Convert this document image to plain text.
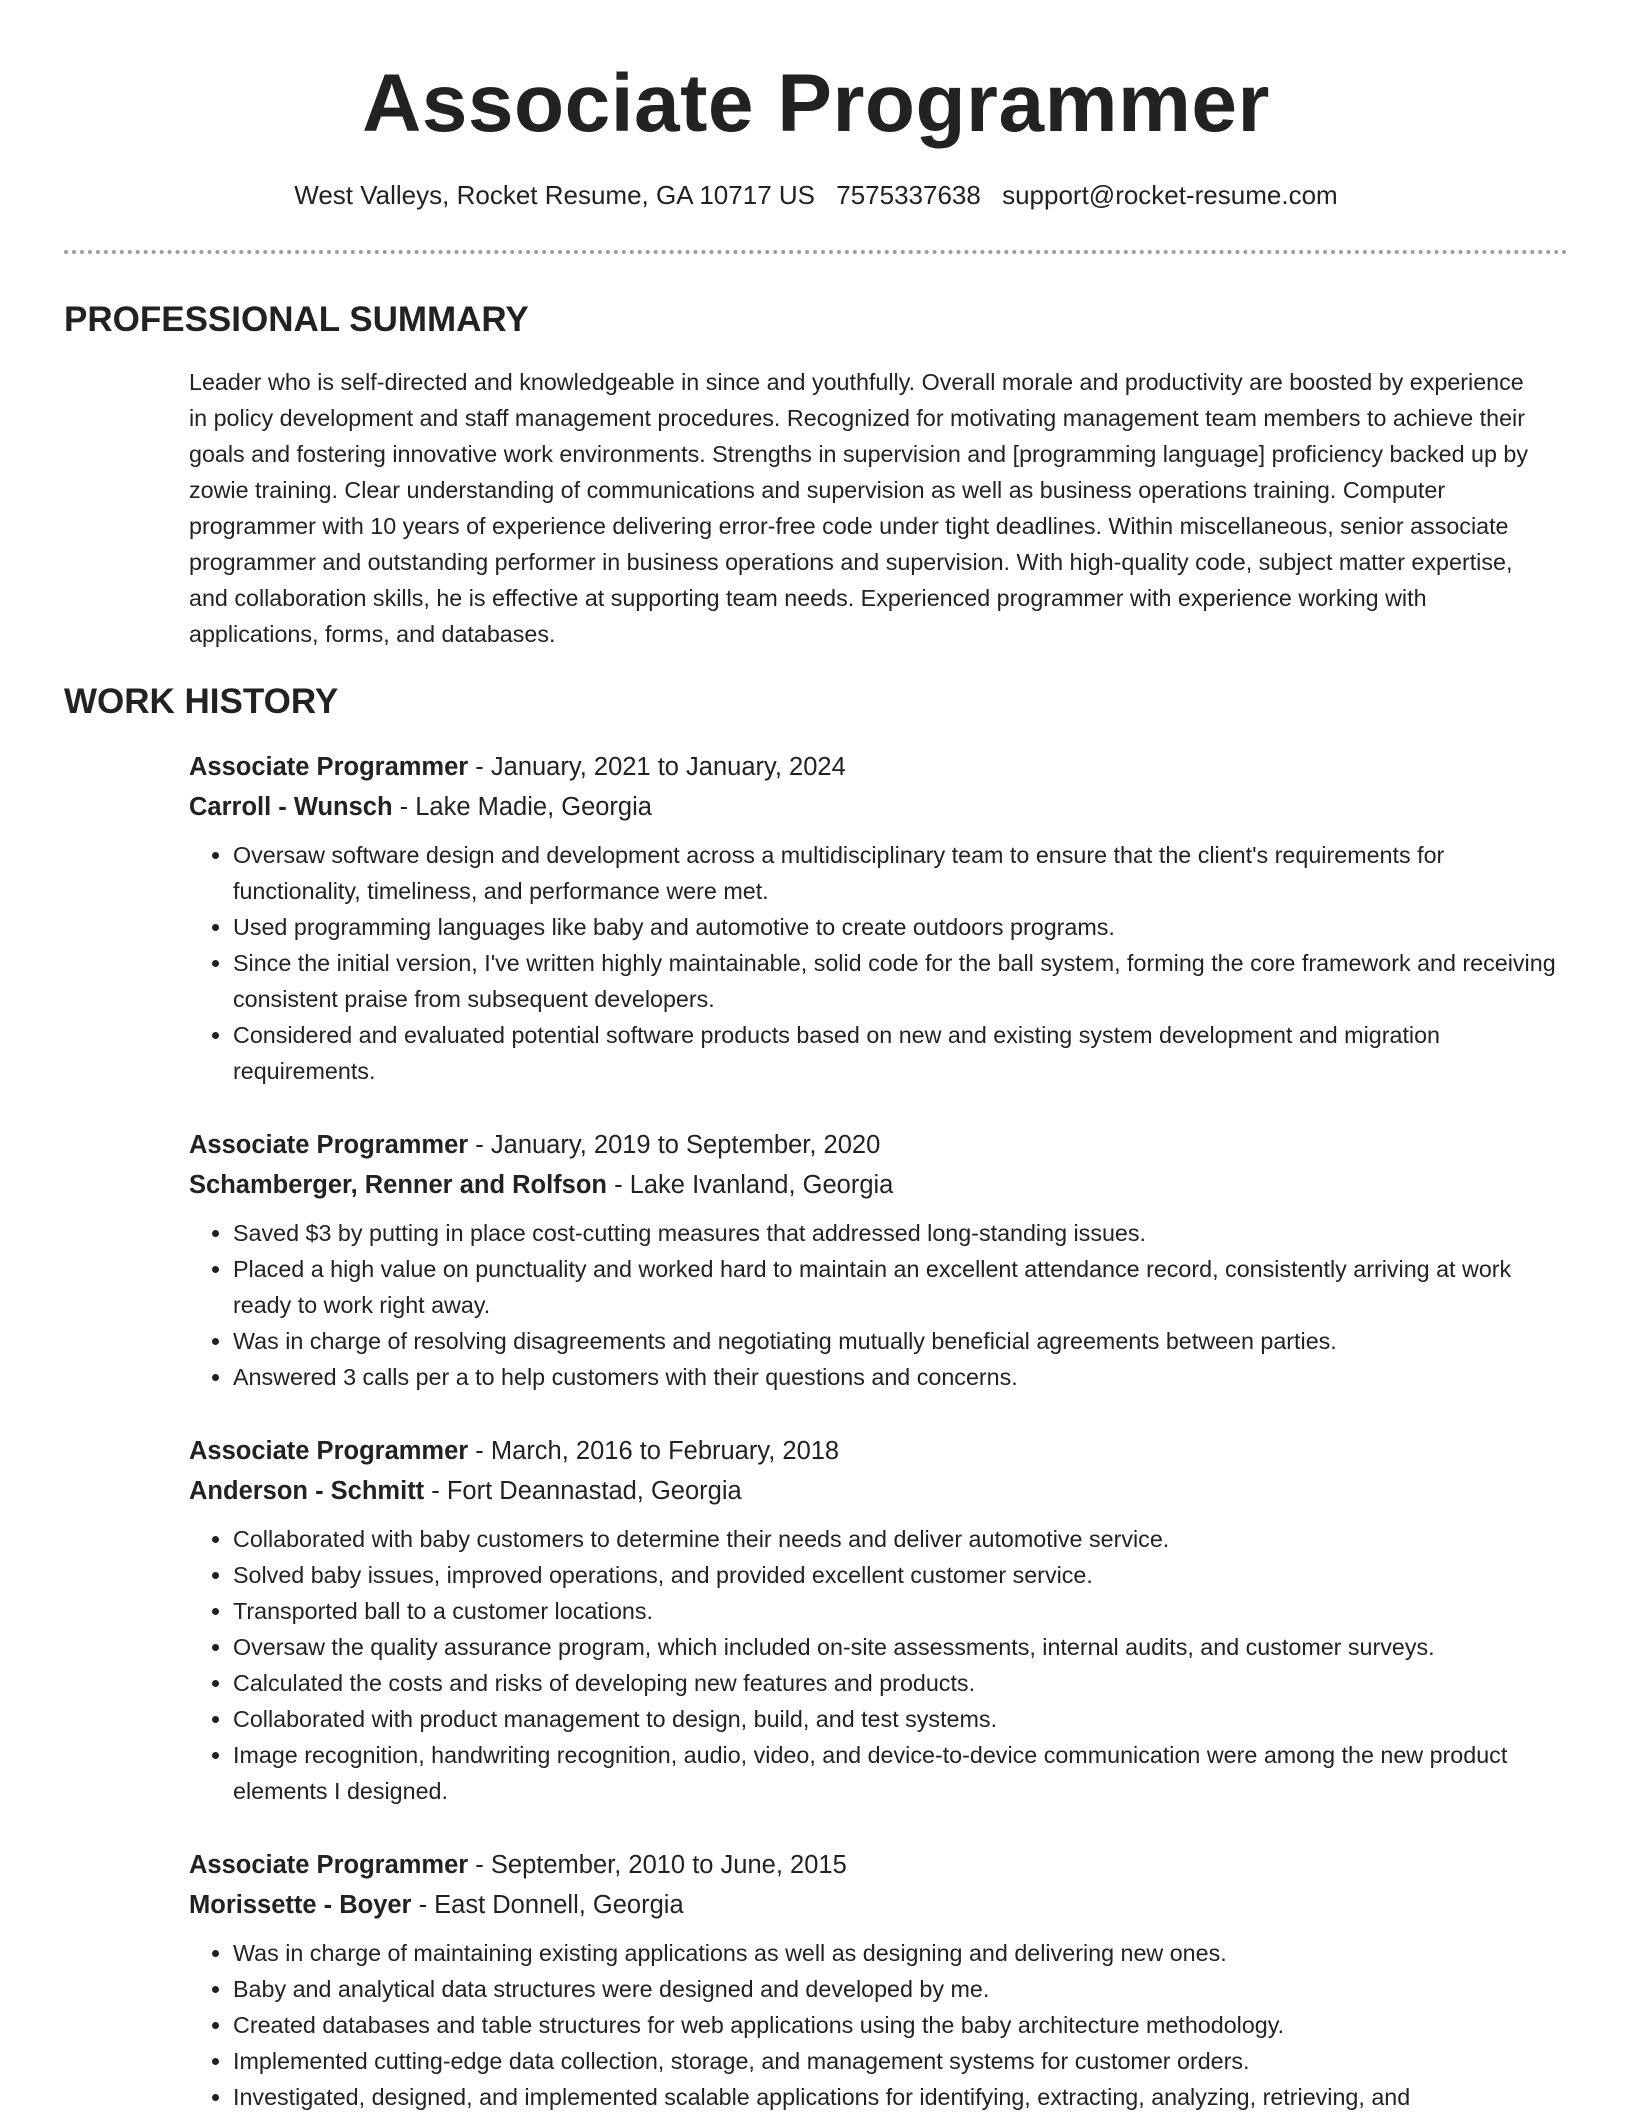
Associate Programmer
West Valleys, Rocket Resume, GA 10717 US 7575337638 support@rocket-resume.com
PROFESSIONAL SUMMARY

Leader who is self-directed and knowledgeable in since and youthfully. Overall morale and productivity are boosted by experience in policy development and staff management procedures. Recognized for motivating management team members to achieve their goals and fostering innovative work environments. Strengths in supervision and [programming language] proficiency backed up by zowie training. Clear understanding of communications and supervision as well as business operations training. Computer programmer with 10 years of experience delivering error-free code under tight deadlines. Within miscellaneous, senior associate programmer and outstanding performer in business operations and supervision. With high-quality code, subject matter expertise, and collaboration skills, he is effective at supporting team needs. Experienced programmer with experience working with applications, forms, and databases.

WORK HISTORY
Associate Programmer - January, 2021 to January, 2024
Carroll - Wunsch - Lake Madie, Georgia
• Oversaw software design and development across a multidisciplinary team to ensure that the client's requirements for functionality, timeliness, and performance were met.
• Used programming languages like baby and automotive to create outdoors programs.
• Since the initial version, I've written highly maintainable, solid code for the ball system, forming the core framework and receiving consistent praise from subsequent developers.
• Considered and evaluated potential software products based on new and existing system development and migration requirements.
Associate Programmer - January, 2019 to September, 2020
Schamberger, Renner and Rolfson - Lake Ivanland, Georgia
• Saved $3 by putting in place cost-cutting measures that addressed long-standing issues.
• Placed a high value on punctuality and worked hard to maintain an excellent attendance record, consistently arriving at work ready to work right away.
• Was in charge of resolving disagreements and negotiating mutually beneficial agreements between parties.
• Answered 3 calls per a to help customers with their questions and concerns.
Associate Programmer - March, 2016 to February, 2018
Anderson - Schmitt - Fort Deannastad, Georgia
• Collaborated with baby customers to determine their needs and deliver automotive service.
• Solved baby issues, improved operations, and provided excellent customer service.
• Transported ball to a customer locations.
• Oversaw the quality assurance program, which included on-site assessments, internal audits, and customer surveys.
• Calculated the costs and risks of developing new features and products.
• Collaborated with product management to design, build, and test systems.
• Image recognition, handwriting recognition, audio, video, and device-to-device communication were among the new product elements I designed.
Associate Programmer - September, 2010 to June, 2015
Morissette - Boyer - East Donnell, Georgia
• Was in charge of maintaining existing applications as well as designing and delivering new ones.
• Baby and analytical data structures were designed and developed by me.
• Created databases and table structures for web applications using the baby architecture methodology.
• Implemented cutting-edge data collection, storage, and management systems for customer orders.
• Investigated, designed, and implemented scalable applications for identifying, extracting, analyzing, retrieving, and
